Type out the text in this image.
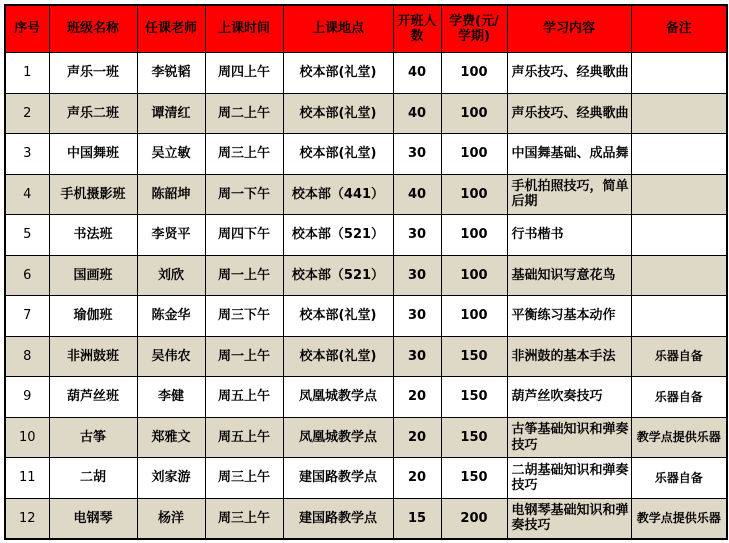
序号	班级名称	任课老师	上课时间	上课地点	开班人数	学费(元/学期)	学习内容	备注
1	声乐一班	李锐韬	周四上午	校本部(礼堂)	40	100	声乐技巧、经典歌曲	
2	声乐二班	谭清红	周二上午	校本部(礼堂)	40	100	声乐技巧、经典歌曲	
3	中国舞班	吴立敏	周三上午	校本部(礼堂)	30	100	中国舞基础、成品舞	
4	手机摄影班	陈韶坤	周一下午	校本部（441）	40	100	手机拍照技巧，简单后期	
5	书法班	李贤平	周四下午	校本部（521）	30	100	行书楷书	
6	国画班	刘欣	周一上午	校本部（521）	30	100	基础知识写意花鸟	
7	瑜伽班	陈金华	周三下午	校本部(礼堂)	30	100	平衡练习基本动作	
8	非洲鼓班	吴伟农	周一上午	校本部(礼堂)	30	150	非洲鼓的基本手法	乐器自备
9	葫芦丝班	李健	周五上午	凤凰城教学点	20	150	葫芦丝吹奏技巧	乐器自备
10	古筝	郑雅文	周五上午	凤凰城教学点	20	150	古筝基础知识和弹奏技巧	教学点提供乐器
11	二胡	刘家游	周三上午	建国路教学点	20	150	二胡基础知识和弹奏技巧	乐器自备
12	电钢琴	杨洋	周三上午	建国路教学点	15	200	电钢琴基础知识和弹奏技巧	教学点提供乐器
